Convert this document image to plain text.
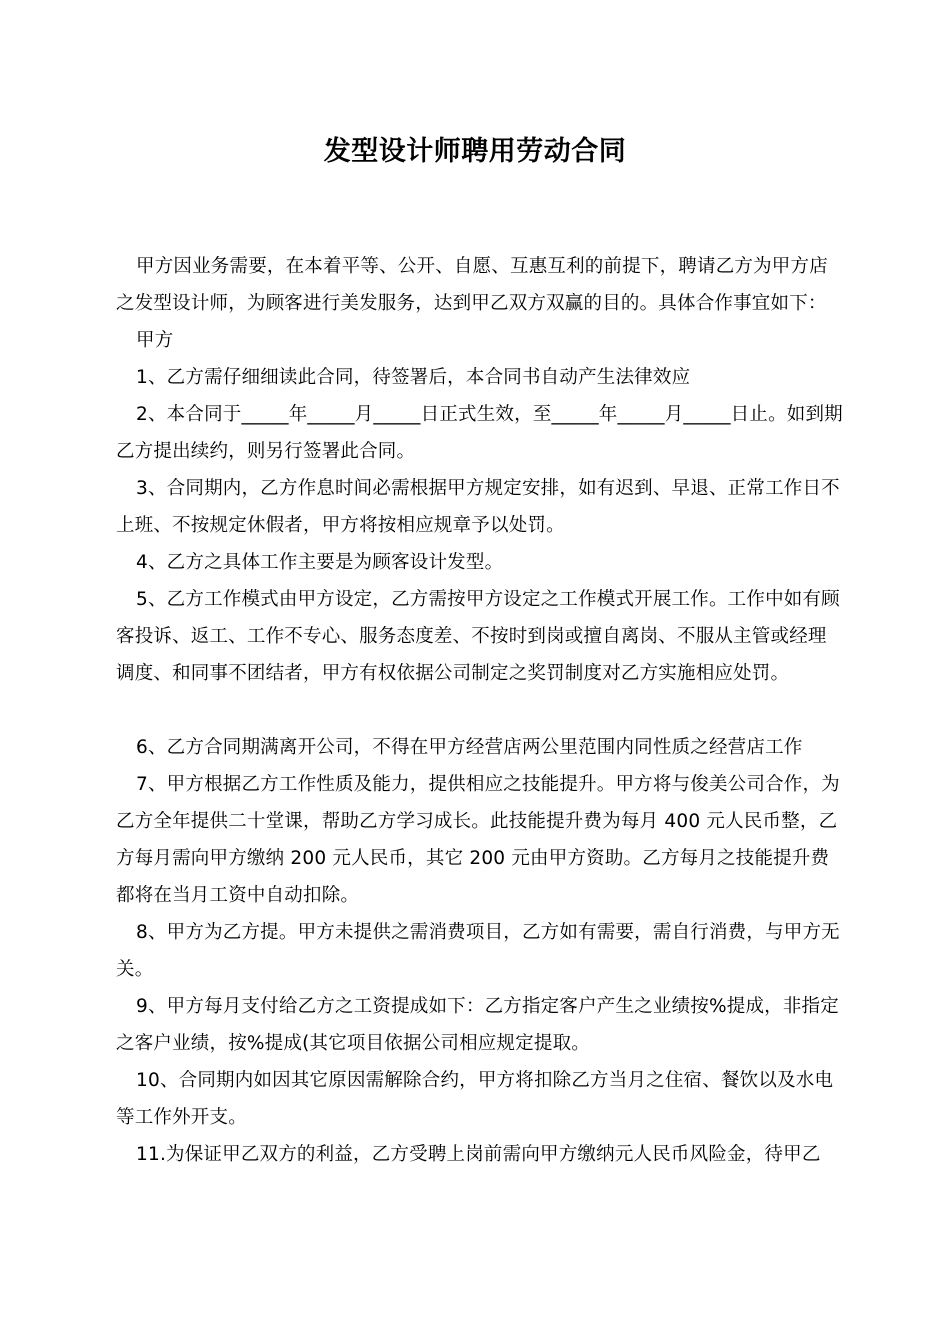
发型设计师聘用劳动合同

甲方因业务需要，在本着平等、公开、自愿、互惠互利的前提下，聘请乙方为甲方店之发型设计师，为顾客进行美发服务，达到甲乙双方双赢的目的。具体合作事宜如下：

甲方

1、乙方需仔细细读此合同，待签署后，本合同书自动产生法律效应

2、本合同于_____年_____月_____日正式生效，至_____年_____月_____日止。如到期乙方提出续约，则另行签署此合同。

3、合同期内，乙方作息时间必需根据甲方规定安排，如有迟到、早退、正常工作日不上班、不按规定休假者，甲方将按相应规章予以处罚。

4、乙方之具体工作主要是为顾客设计发型。

5、乙方工作模式由甲方设定，乙方需按甲方设定之工作模式开展工作。工作中如有顾客投诉、返工、工作不专心、服务态度差、不按时到岗或擅自离岗、不服从主管或经理调度、和同事不团结者，甲方有权依据公司制定之奖罚制度对乙方实施相应处罚。

6、乙方合同期满离开公司，不得在甲方经营店两公里范围内同性质之经营店工作

7、甲方根据乙方工作性质及能力，提供相应之技能提升。甲方将与俊美公司合作，为乙方全年提供二十堂课，帮助乙方学习成长。此技能提升费为每月 400 元人民币整，乙方每月需向甲方缴纳 200 元人民币，其它 200 元由甲方资助。乙方每月之技能提升费都将在当月工资中自动扣除。

8、甲方为乙方提。甲方未提供之需消费项目，乙方如有需要，需自行消费，与甲方无关。

9、甲方每月支付给乙方之工资提成如下：乙方指定客户产生之业绩按%提成，非指定之客户业绩，按%提成(其它项目依据公司相应规定提取。

10、合同期内如因其它原因需解除合约，甲方将扣除乙方当月之住宿、餐饮以及水电等工作外开支。

11.为保证甲乙双方的利益，乙方受聘上岗前需向甲方缴纳元人民币风险金，待甲乙
